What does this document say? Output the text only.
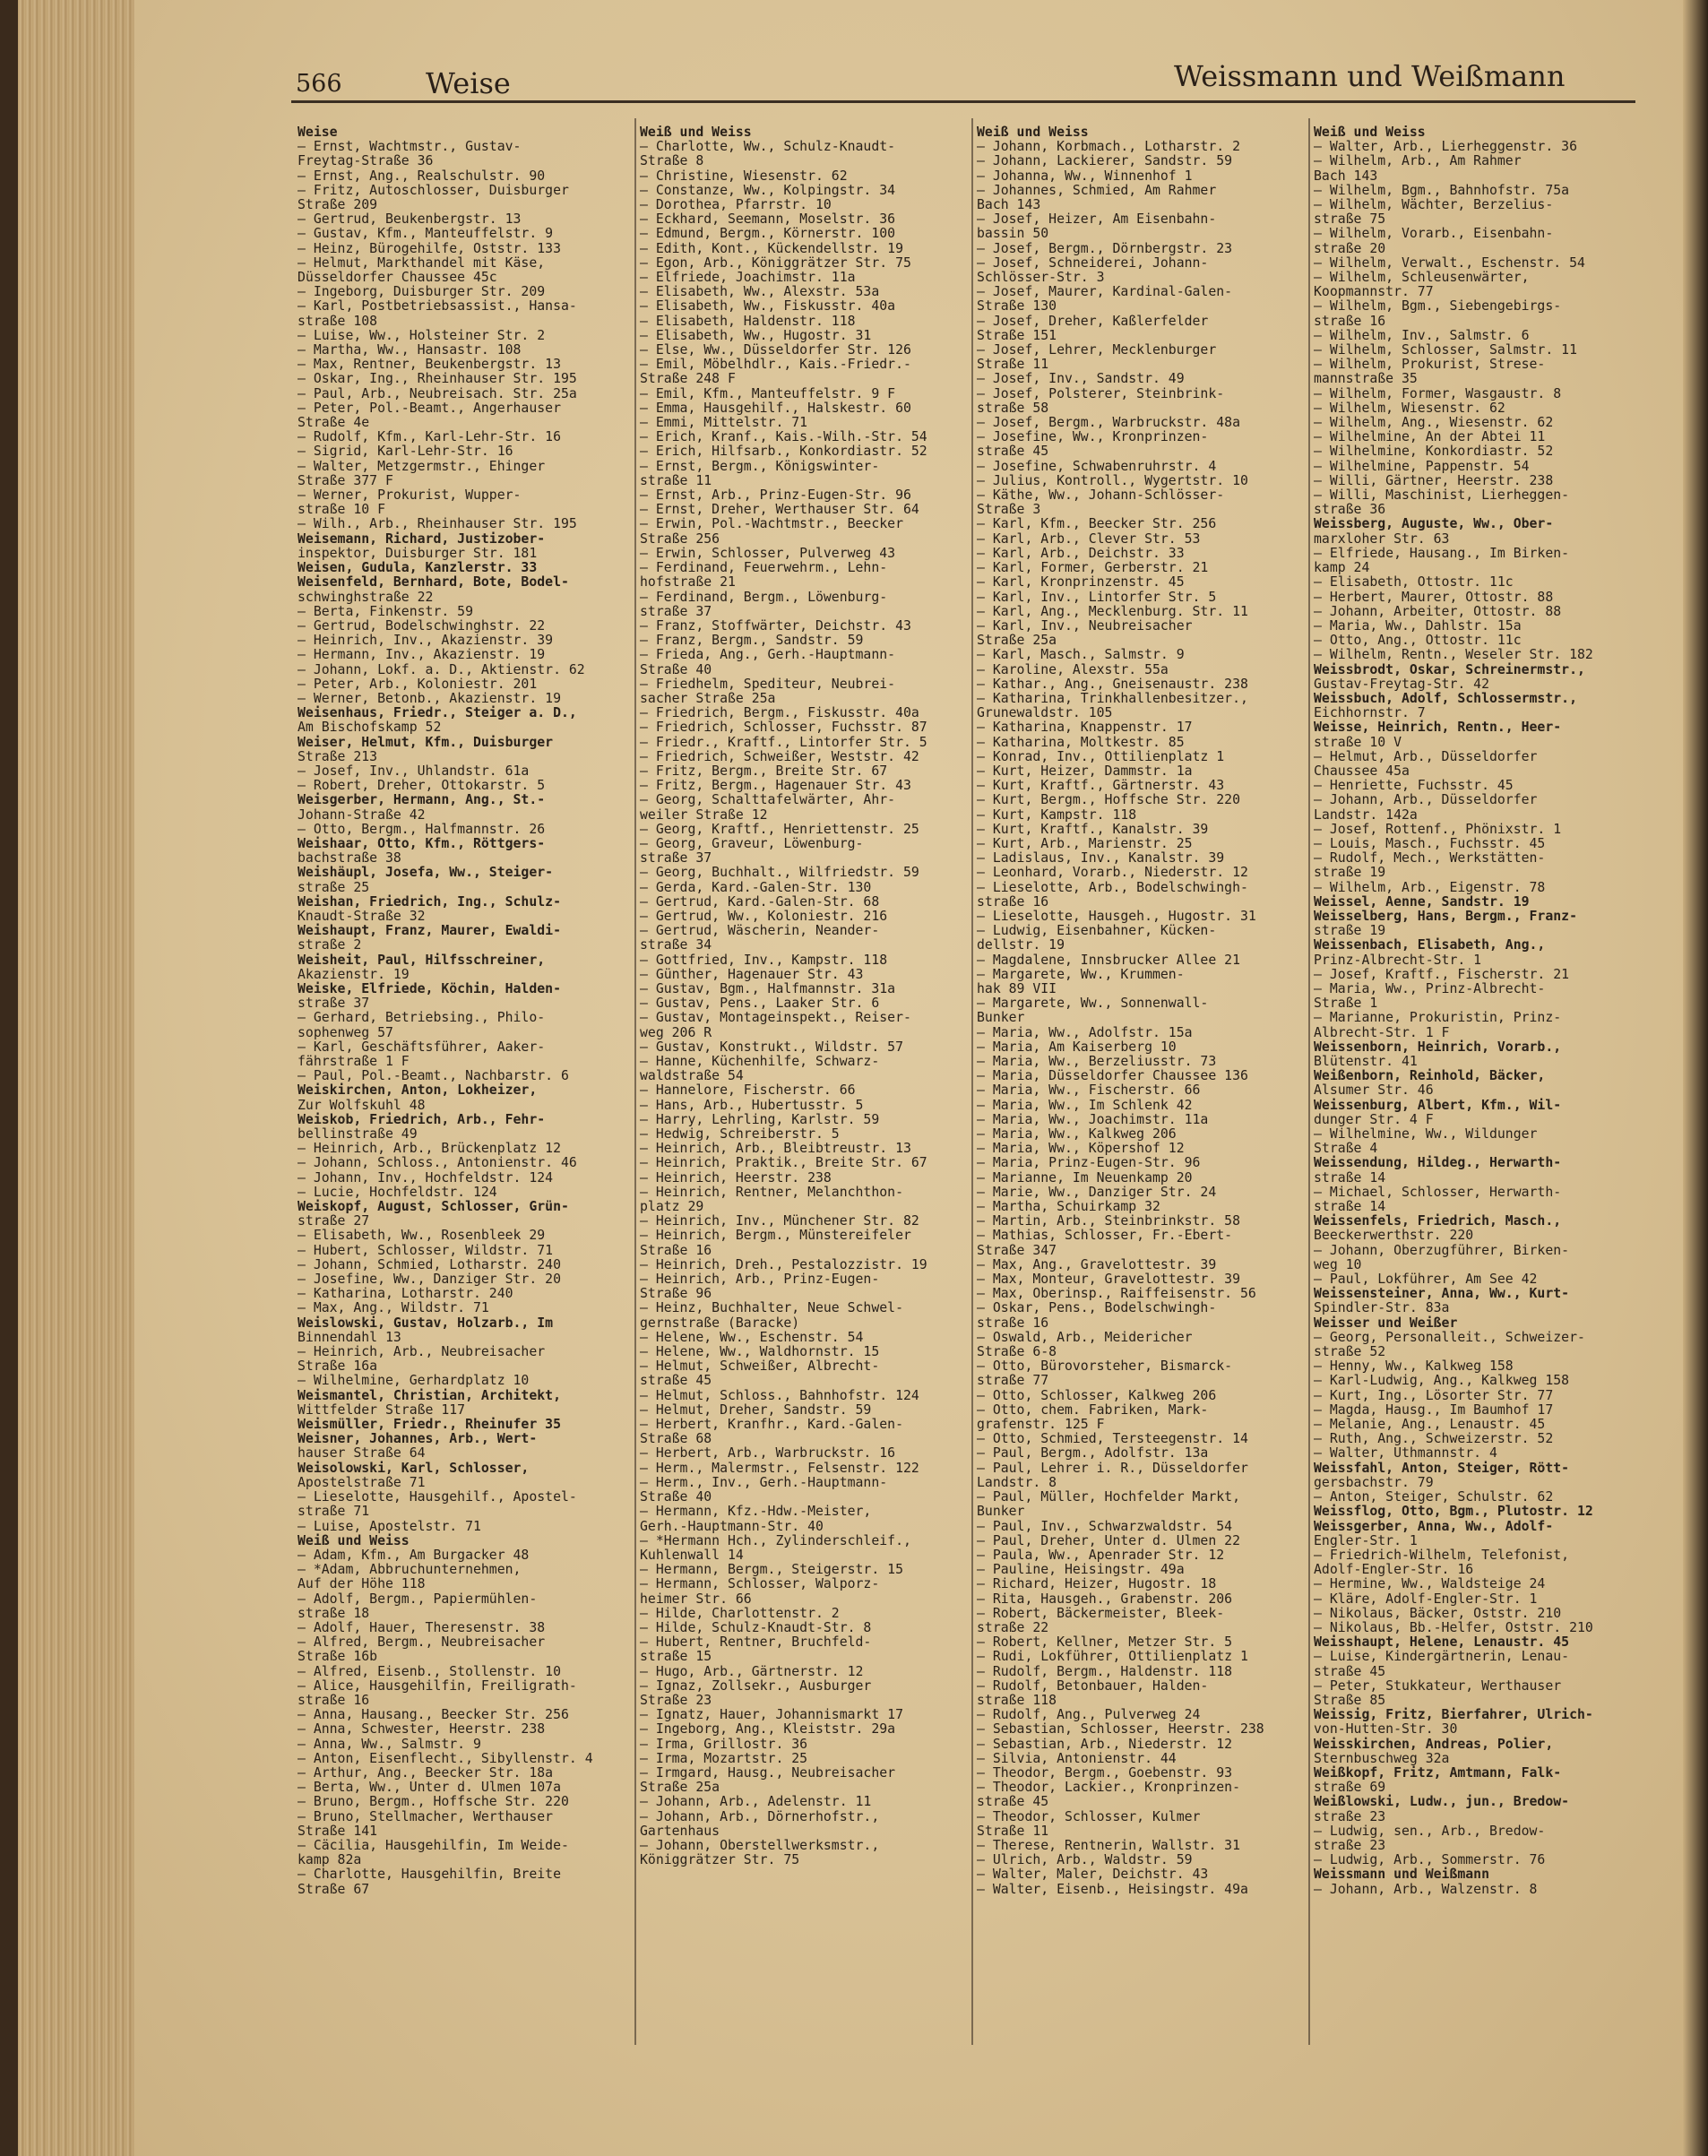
566	Weise	Weissmann und Weißmann
Weise
— Ernst, Wachtmstr., Gustav-
Freytag-Straße 36
— Ernst, Ang., Realschulstr. 90
— Fritz, Autoschlosser, Duisburger
Straße 209
— Gertrud, Beukenbergstr. 13
— Gustav, Kfm., Manteuffelstr. 9
— Heinz, Bürogehilfe, Oststr. 133
— Helmut, Markthandel mit Käse,
Düsseldorfer Chaussee 45c
— Ingeborg, Duisburger Str. 209
— Karl, Postbetriebsassist., Hansa-
straße 108
— Luise, Ww., Holsteiner Str. 2
— Martha, Ww., Hansastr. 108
— Max, Rentner, Beukenbergstr. 13
— Oskar, Ing., Rheinhauser Str. 195
— Paul, Arb., Neubreisach. Str. 25a
— Peter, Pol.-Beamt., Angerhauser
Straße 4e
— Rudolf, Kfm., Karl-Lehr-Str. 16
— Sigrid, Karl-Lehr-Str. 16
— Walter, Metzgermstr., Ehinger
Straße 377 F
— Werner, Prokurist, Wupper-
straße 10 F
— Wilh., Arb., Rheinhauser Str. 195
Weisemann, Richard, Justizober-
inspektor, Duisburger Str. 181
Weisen, Gudula, Kanzlerstr. 33
Weisenfeld, Bernhard, Bote, Bodel-
schwinghstraße 22
— Berta, Finkenstr. 59
— Gertrud, Bodelschwinghstr. 22
— Heinrich, Inv., Akazienstr. 39
— Hermann, Inv., Akazienstr. 19
— Johann, Lokf. a. D., Aktienstr. 62
— Peter, Arb., Koloniestr. 201
— Werner, Betonb., Akazienstr. 19
Weisenhaus, Friedr., Steiger a. D.,
Am Bischofskamp 52
Weiser, Helmut, Kfm., Duisburger
Straße 213
— Josef, Inv., Uhlandstr. 61a
— Robert, Dreher, Ottokarstr. 5
Weisgerber, Hermann, Ang., St.-
Johann-Straße 42
— Otto, Bergm., Halfmannstr. 26
Weishaar, Otto, Kfm., Röttgers-
bachstraße 38
Weishäupl, Josefa, Ww., Steiger-
straße 25
Weishan, Friedrich, Ing., Schulz-
Knaudt-Straße 32
Weishaupt, Franz, Maurer, Ewaldi-
straße 2
Weisheit, Paul, Hilfsschreiner,
Akazienstr. 19
Weiske, Elfriede, Köchin, Halden-
straße 37
— Gerhard, Betriebsing., Philo-
sophenweg 57
— Karl, Geschäftsführer, Aaker-
fährstraße 1 F
— Paul, Pol.-Beamt., Nachbarstr. 6
Weiskirchen, Anton, Lokheizer,
Zur Wolfskuhl 48
Weiskob, Friedrich, Arb., Fehr-
bellinstraße 49
— Heinrich, Arb., Brückenplatz 12
— Johann, Schloss., Antonienstr. 46
— Johann, Inv., Hochfeldstr. 124
— Lucie, Hochfeldstr. 124
Weiskopf, August, Schlosser, Grün-
straße 27
— Elisabeth, Ww., Rosenbleek 29
— Hubert, Schlosser, Wildstr. 71
— Johann, Schmied, Lotharstr. 240
— Josefine, Ww., Danziger Str. 20
— Katharina, Lotharstr. 240
— Max, Ang., Wildstr. 71
Weislowski, Gustav, Holzarb., Im
Binnendahl 13
— Heinrich, Arb., Neubreisacher
Straße 16a
— Wilhelmine, Gerhardplatz 10
Weismantel, Christian, Architekt,
Wittfelder Straße 117
Weismüller, Friedr., Rheinufer 35
Weisner, Johannes, Arb., Wert-
hauser Straße 64
Weisolowski, Karl, Schlosser,
Apostelstraße 71
— Lieselotte, Hausgehilf., Apostel-
straße 71
— Luise, Apostelstr. 71
Weiß und Weiss
— Adam, Kfm., Am Burgacker 48
— *Adam, Abbruchunternehmen,
Auf der Höhe 118
— Adolf, Bergm., Papiermühlen-
straße 18
— Adolf, Hauer, Theresenstr. 38
— Alfred, Bergm., Neubreisacher
Straße 16b
— Alfred, Eisenb., Stollenstr. 10
— Alice, Hausgehilfin, Freiligrath-
straße 16
— Anna, Hausang., Beecker Str. 256
— Anna, Schwester, Heerstr. 238
— Anna, Ww., Salmstr. 9
— Anton, Eisenflecht., Sibyllenstr. 4
— Arthur, Ang., Beecker Str. 18a
— Berta, Ww., Unter d. Ulmen 107a
— Bruno, Bergm., Hoffsche Str. 220
— Bruno, Stellmacher, Werthauser
Straße 141
— Cäcilia, Hausgehilfin, Im Weide-
kamp 82a
— Charlotte, Hausgehilfin, Breite
Straße 67
Weiß und Weiss
— Charlotte, Ww., Schulz-Knaudt-
Straße 8
— Christine, Wiesenstr. 62
— Constanze, Ww., Kolpingstr. 34
— Dorothea, Pfarrstr. 10
— Eckhard, Seemann, Moselstr. 36
— Edmund, Bergm., Körnerstr. 100
— Edith, Kont., Kückendellstr. 19
— Egon, Arb., Königgrätzer Str. 75
— Elfriede, Joachimstr. 11a
— Elisabeth, Ww., Alexstr. 53a
— Elisabeth, Ww., Fiskusstr. 40a
— Elisabeth, Haldenstr. 118
— Elisabeth, Ww., Hugostr. 31
— Else, Ww., Düsseldorfer Str. 126
— Emil, Möbelhdlr., Kais.-Friedr.-
Straße 248 F
— Emil, Kfm., Manteuffelstr. 9 F
— Emma, Hausgehilf., Halskestr. 60
— Emmi, Mittelstr. 71
— Erich, Kranf., Kais.-Wilh.-Str. 54
— Erich, Hilfsarb., Konkordiastr. 52
— Ernst, Bergm., Königswinter-
straße 11
— Ernst, Arb., Prinz-Eugen-Str. 96
— Ernst, Dreher, Werthauser Str. 64
— Erwin, Pol.-Wachtmstr., Beecker
Straße 256
— Erwin, Schlosser, Pulverweg 43
— Ferdinand, Feuerwehrm., Lehn-
hofstraße 21
— Ferdinand, Bergm., Löwenburg-
straße 37
— Franz, Stoffwärter, Deichstr. 43
— Franz, Bergm., Sandstr. 59
— Frieda, Ang., Gerh.-Hauptmann-
Straße 40
— Friedhelm, Spediteur, Neubrei-
sacher Straße 25a
— Friedrich, Bergm., Fiskusstr. 40a
— Friedrich, Schlosser, Fuchsstr. 87
— Friedr., Kraftf., Lintorfer Str. 5
— Friedrich, Schweißer, Weststr. 42
— Fritz, Bergm., Breite Str. 67
— Fritz, Bergm., Hagenauer Str. 43
— Georg, Schalttafelwärter, Ahr-
weiler Straße 12
— Georg, Kraftf., Henriettenstr. 25
— Georg, Graveur, Löwenburg-
straße 37
— Georg, Buchhalt., Wilfriedstr. 59
— Gerda, Kard.-Galen-Str. 130
— Gertrud, Kard.-Galen-Str. 68
— Gertrud, Ww., Koloniestr. 216
— Gertrud, Wäscherin, Neander-
straße 34
— Gottfried, Inv., Kampstr. 118
— Günther, Hagenauer Str. 43
— Gustav, Bgm., Halfmannstr. 31a
— Gustav, Pens., Laaker Str. 6
— Gustav, Montageinspekt., Reiser-
weg 206 R
— Gustav, Konstrukt., Wildstr. 57
— Hanne, Küchenhilfe, Schwarz-
waldstraße 54
— Hannelore, Fischerstr. 66
— Hans, Arb., Hubertusstr. 5
— Harry, Lehrling, Karlstr. 59
— Hedwig, Schreiberstr. 5
— Heinrich, Arb., Bleibtreustr. 13
— Heinrich, Praktik., Breite Str. 67
— Heinrich, Heerstr. 238
— Heinrich, Rentner, Melanchthon-
platz 29
— Heinrich, Inv., Münchener Str. 82
— Heinrich, Bergm., Münstereifeler
Straße 16
— Heinrich, Dreh., Pestalozzistr. 19
— Heinrich, Arb., Prinz-Eugen-
Straße 96
— Heinz, Buchhalter, Neue Schwel-
gernstraße (Baracke)
— Helene, Ww., Eschenstr. 54
— Helene, Ww., Waldhornstr. 15
— Helmut, Schweißer, Albrecht-
straße 45
— Helmut, Schloss., Bahnhofstr. 124
— Helmut, Dreher, Sandstr. 59
— Herbert, Kranfhr., Kard.-Galen-
Straße 68
— Herbert, Arb., Warbruckstr. 16
— Herm., Malermstr., Felsenstr. 122
— Herm., Inv., Gerh.-Hauptmann-
Straße 40
— Hermann, Kfz.-Hdw.-Meister,
Gerh.-Hauptmann-Str. 40
— *Hermann Hch., Zylinderschleif.,
Kuhlenwall 14
— Hermann, Bergm., Steigerstr. 15
— Hermann, Schlosser, Walporz-
heimer Str. 66
— Hilde, Charlottenstr. 2
— Hilde, Schulz-Knaudt-Str. 8
— Hubert, Rentner, Bruchfeld-
straße 15
— Hugo, Arb., Gärtnerstr. 12
— Ignaz, Zollsekr., Ausburger
Straße 23
— Ignatz, Hauer, Johannismarkt 17
— Ingeborg, Ang., Kleiststr. 29a
— Irma, Grillostr. 36
— Irma, Mozartstr. 25
— Irmgard, Hausg., Neubreisacher
Straße 25a
— Johann, Arb., Adelenstr. 11
— Johann, Arb., Dörnerhofstr.,
Gartenhaus
— Johann, Oberstellwerksmstr.,
Königgrätzer Str. 75
Weiß und Weiss
— Johann, Korbmach., Lotharstr. 2
— Johann, Lackierer, Sandstr. 59
— Johanna, Ww., Winnenhof 1
— Johannes, Schmied, Am Rahmer
Bach 143
— Josef, Heizer, Am Eisenbahn-
bassin 50
— Josef, Bergm., Dörnbergstr. 23
— Josef, Schneiderei, Johann-
Schlösser-Str. 3
— Josef, Maurer, Kardinal-Galen-
Straße 130
— Josef, Dreher, Kaßlerfelder
Straße 151
— Josef, Lehrer, Mecklenburger
Straße 11
— Josef, Inv., Sandstr. 49
— Josef, Polsterer, Steinbrink-
straße 58
— Josef, Bergm., Warbruckstr. 48a
— Josefine, Ww., Kronprinzen-
straße 45
— Josefine, Schwabenruhrstr. 4
— Julius, Kontroll., Wygertstr. 10
— Käthe, Ww., Johann-Schlösser-
Straße 3
— Karl, Kfm., Beecker Str. 256
— Karl, Arb., Clever Str. 53
— Karl, Arb., Deichstr. 33
— Karl, Former, Gerberstr. 21
— Karl, Kronprinzenstr. 45
— Karl, Inv., Lintorfer Str. 5
— Karl, Ang., Mecklenburg. Str. 11
— Karl, Inv., Neubreisacher
Straße 25a
— Karl, Masch., Salmstr. 9
— Karoline, Alexstr. 55a
— Kathar., Ang., Gneisenaustr. 238
— Katharina, Trinkhallenbesitzer.,
Grunewaldstr. 105
— Katharina, Knappenstr. 17
— Katharina, Moltkestr. 85
— Konrad, Inv., Ottilienplatz 1
— Kurt, Heizer, Dammstr. 1a
— Kurt, Kraftf., Gärtnerstr. 43
— Kurt, Bergm., Hoffsche Str. 220
— Kurt, Kampstr. 118
— Kurt, Kraftf., Kanalstr. 39
— Kurt, Arb., Marienstr. 25
— Ladislaus, Inv., Kanalstr. 39
— Leonhard, Vorarb., Niederstr. 12
— Lieselotte, Arb., Bodelschwingh-
straße 16
— Lieselotte, Hausgeh., Hugostr. 31
— Ludwig, Eisenbahner, Kücken-
dellstr. 19
— Magdalene, Innsbrucker Allee 21
— Margarete, Ww., Krummen-
hak 89 VII
— Margarete, Ww., Sonnenwall-
Bunker
— Maria, Ww., Adolfstr. 15a
— Maria, Am Kaiserberg 10
— Maria, Ww., Berzeliusstr. 73
— Maria, Düsseldorfer Chaussee 136
— Maria, Ww., Fischerstr. 66
— Maria, Ww., Im Schlenk 42
— Maria, Ww., Joachimstr. 11a
— Maria, Ww., Kalkweg 206
— Maria, Ww., Köpershof 12
— Maria, Prinz-Eugen-Str. 96
— Marianne, Im Neuenkamp 20
— Marie, Ww., Danziger Str. 24
— Martha, Schuirkamp 32
— Martin, Arb., Steinbrinkstr. 58
— Mathias, Schlosser, Fr.-Ebert-
Straße 347
— Max, Ang., Gravelottestr. 39
— Max, Monteur, Gravelottestr. 39
— Max, Oberinsp., Raiffeisenstr. 56
— Oskar, Pens., Bodelschwingh-
straße 16
— Oswald, Arb., Meidericher
Straße 6-8
— Otto, Bürovorsteher, Bismarck-
straße 77
— Otto, Schlosser, Kalkweg 206
— Otto, chem. Fabriken, Mark-
grafenstr. 125 F
— Otto, Schmied, Tersteegenstr. 14
— Paul, Bergm., Adolfstr. 13a
— Paul, Lehrer i. R., Düsseldorfer
Landstr. 8
— Paul, Müller, Hochfelder Markt,
Bunker
— Paul, Inv., Schwarzwaldstr. 54
— Paul, Dreher, Unter d. Ulmen 22
— Paula, Ww., Apenrader Str. 12
— Pauline, Heisingstr. 49a
— Richard, Heizer, Hugostr. 18
— Rita, Hausgeh., Grabenstr. 206
— Robert, Bäckermeister, Bleek-
straße 22
— Robert, Kellner, Metzer Str. 5
— Rudi, Lokführer, Ottilienplatz 1
— Rudolf, Bergm., Haldenstr. 118
— Rudolf, Betonbauer, Halden-
straße 118
— Rudolf, Ang., Pulverweg 24
— Sebastian, Schlosser, Heerstr. 238
— Sebastian, Arb., Niederstr. 12
— Silvia, Antonienstr. 44
— Theodor, Bergm., Goebenstr. 93
— Theodor, Lackier., Kronprinzen-
straße 45
— Theodor, Schlosser, Kulmer
Straße 11
— Therese, Rentnerin, Wallstr. 31
— Ulrich, Arb., Waldstr. 59
— Walter, Maler, Deichstr. 43
— Walter, Eisenb., Heisingstr. 49a
Weiß und Weiss
— Walter, Arb., Lierheggenstr. 36
— Wilhelm, Arb., Am Rahmer
Bach 143
— Wilhelm, Bgm., Bahnhofstr. 75a
— Wilhelm, Wächter, Berzelius-
straße 75
— Wilhelm, Vorarb., Eisenbahn-
straße 20
— Wilhelm, Verwalt., Eschenstr. 54
— Wilhelm, Schleusenwärter,
Koopmannstr. 77
— Wilhelm, Bgm., Siebengebirgs-
straße 16
— Wilhelm, Inv., Salmstr. 6
— Wilhelm, Schlosser, Salmstr. 11
— Wilhelm, Prokurist, Strese-
mannstraße 35
— Wilhelm, Former, Wasgaustr. 8
— Wilhelm, Wiesenstr. 62
— Wilhelm, Ang., Wiesenstr. 62
— Wilhelmine, An der Abtei 11
— Wilhelmine, Konkordiastr. 52
— Wilhelmine, Pappenstr. 54
— Willi, Gärtner, Heerstr. 238
— Willi, Maschinist, Lierheggen-
straße 36
Weissberg, Auguste, Ww., Ober-
marxloher Str. 63
— Elfriede, Hausang., Im Birken-
kamp 24
— Elisabeth, Ottostr. 11c
— Herbert, Maurer, Ottostr. 88
— Johann, Arbeiter, Ottostr. 88
— Maria, Ww., Dahlstr. 15a
— Otto, Ang., Ottostr. 11c
— Wilhelm, Rentn., Weseler Str. 182
Weissbrodt, Oskar, Schreinermstr.,
Gustav-Freytag-Str. 42
Weissbuch, Adolf, Schlossermstr.,
Eichhornstr. 7
Weisse, Heinrich, Rentn., Heer-
straße 10 V
— Helmut, Arb., Düsseldorfer
Chaussee 45a
— Henriette, Fuchsstr. 45
— Johann, Arb., Düsseldorfer
Landstr. 142a
— Josef, Rottenf., Phönixstr. 1
— Louis, Masch., Fuchsstr. 45
— Rudolf, Mech., Werkstätten-
straße 19
— Wilhelm, Arb., Eigenstr. 78
Weissel, Aenne, Sandstr. 19
Weisselberg, Hans, Bergm., Franz-
straße 19
Weissenbach, Elisabeth, Ang.,
Prinz-Albrecht-Str. 1
— Josef, Kraftf., Fischerstr. 21
— Maria, Ww., Prinz-Albrecht-
Straße 1
— Marianne, Prokuristin, Prinz-
Albrecht-Str. 1 F
Weissenborn, Heinrich, Vorarb.,
Blütenstr. 41
Weißenborn, Reinhold, Bäcker,
Alsumer Str. 46
Weissenburg, Albert, Kfm., Wil-
dunger Str. 4 F
— Wilhelmine, Ww., Wildunger
Straße 4
Weissendung, Hildeg., Herwarth-
straße 14
— Michael, Schlosser, Herwarth-
straße 14
Weissenfels, Friedrich, Masch.,
Beeckerwerthstr. 220
— Johann, Oberzugführer, Birken-
weg 10
— Paul, Lokführer, Am See 42
Weissensteiner, Anna, Ww., Kurt-
Spindler-Str. 83a
Weisser und Weißer
— Georg, Personalleit., Schweizer-
straße 52
— Henny, Ww., Kalkweg 158
— Karl-Ludwig, Ang., Kalkweg 158
— Kurt, Ing., Lösorter Str. 77
— Magda, Hausg., Im Baumhof 17
— Melanie, Ang., Lenaustr. 45
— Ruth, Ang., Schweizerstr. 52
— Walter, Uthmannstr. 4
Weissfahl, Anton, Steiger, Rött-
gersbachstr. 79
— Anton, Steiger, Schulstr. 62
Weissflog, Otto, Bgm., Plutostr. 12
Weissgerber, Anna, Ww., Adolf-
Engler-Str. 1
— Friedrich-Wilhelm, Telefonist,
Adolf-Engler-Str. 16
— Hermine, Ww., Waldsteige 24
— Kläre, Adolf-Engler-Str. 1
— Nikolaus, Bäcker, Oststr. 210
— Nikolaus, Bb.-Helfer, Oststr. 210
Weisshaupt, Helene, Lenaustr. 45
— Luise, Kindergärtnerin, Lenau-
straße 45
— Peter, Stukkateur, Werthauser
Straße 85
Weissig, Fritz, Bierfahrer, Ulrich-
von-Hutten-Str. 30
Weisskirchen, Andreas, Polier,
Sternbuschweg 32a
Weißkopf, Fritz, Amtmann, Falk-
straße 69
Weißlowski, Ludw., jun., Bredow-
straße 23
— Ludwig, sen., Arb., Bredow-
straße 23
— Ludwig, Arb., Sommerstr. 76
Weissmann und Weißmann
— Johann, Arb., Walzenstr. 8
